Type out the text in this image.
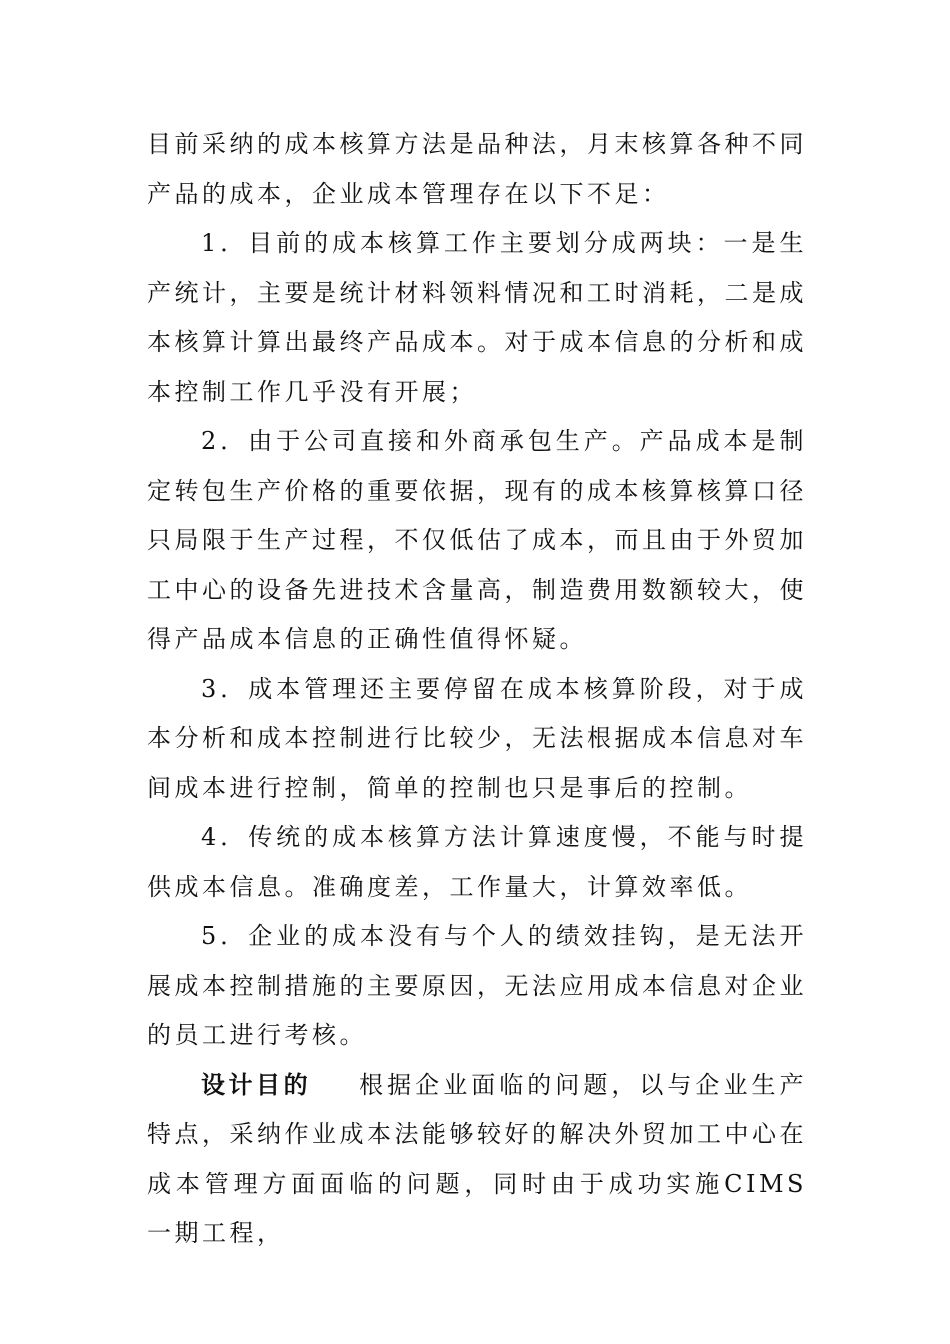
目前采纳的成本核算方法是品种法，月末核算各种不同产品的成本，企业成本管理存在以下不足：

1．目前的成本核算工作主要划分成两块：一是生产统计，主要是统计材料领料情况和工时消耗，二是成本核算计算出最终产品成本。对于成本信息的分析和成本控制工作几乎没有开展；

2．由于公司直接和外商承包生产。产品成本是制定转包生产价格的重要依据，现有的成本核算核算口径只局限于生产过程，不仅低估了成本，而且由于外贸加工中心的设备先进技术含量高，制造费用数额较大，使得产品成本信息的正确性值得怀疑。

3．成本管理还主要停留在成本核算阶段，对于成本分析和成本控制进行比较少，无法根据成本信息对车间成本进行控制，简单的控制也只是事后的控制。

4．传统的成本核算方法计算速度慢，不能与时提供成本信息。准确度差，工作量大，计算效率低。

5．企业的成本没有与个人的绩效挂钩，是无法开展成本控制措施的主要原因，无法应用成本信息对企业的员工进行考核。

设计目的 根据企业面临的问题，以与企业生产特点，采纳作业成本法能够较好的解决外贸加工中心在成本管理方面面临的问题，同时由于成功实施CIMS一期工程，
